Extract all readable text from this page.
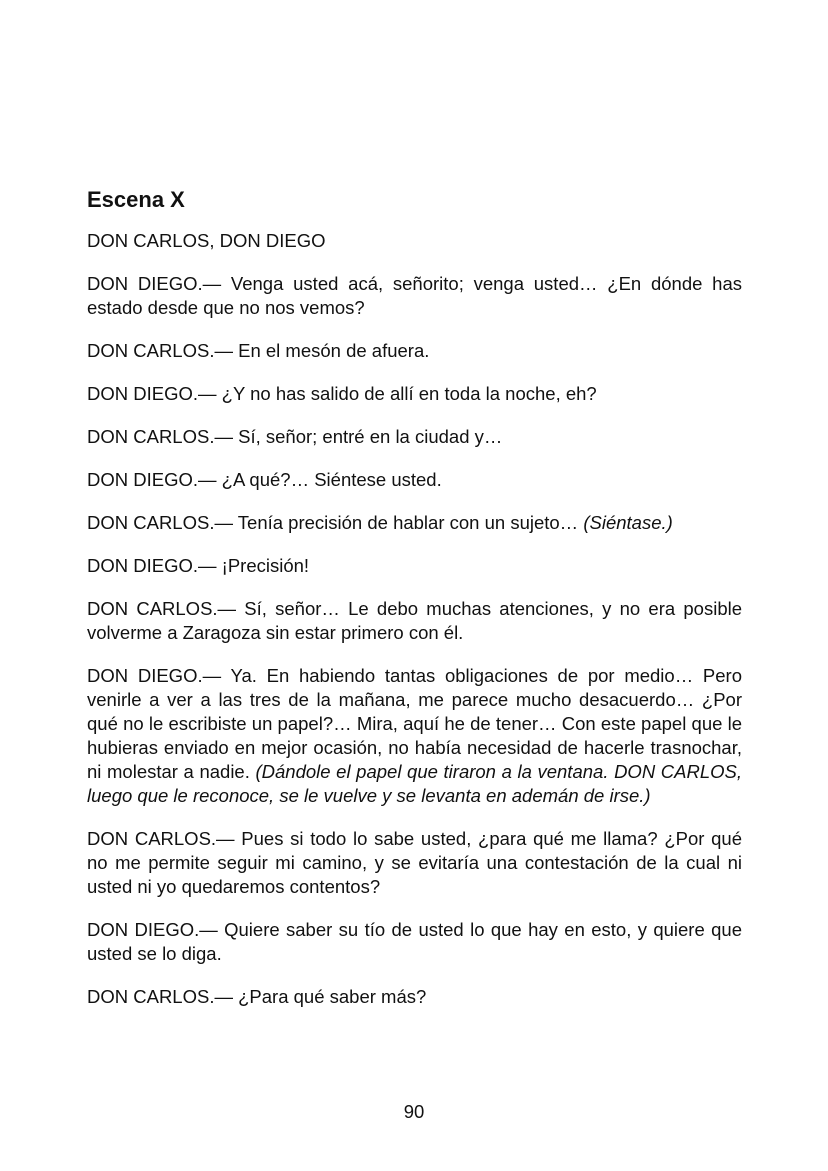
Escena X

DON CARLOS, DON DIEGO

DON DIEGO.— Venga usted acá, señorito; venga usted… ¿En dónde has estado desde que no nos vemos?

DON CARLOS.— En el mesón de afuera.

DON DIEGO.— ¿Y no has salido de allí en toda la noche, eh?

DON CARLOS.— Sí, señor; entré en la ciudad y…

DON DIEGO.— ¿A qué?… Siéntese usted.

DON CARLOS.— Tenía precisión de hablar con un sujeto… (Siéntase.)

DON DIEGO.— ¡Precisión!

DON CARLOS.— Sí, señor… Le debo muchas atenciones, y no era posible volverme a Zaragoza sin estar primero con él.

DON DIEGO.— Ya. En habiendo tantas obligaciones de por medio… Pero venirle a ver a las tres de la mañana, me parece mucho desacuerdo… ¿Por qué no le escribiste un papel?… Mira, aquí he de tener… Con este papel que le hubieras enviado en mejor ocasión, no había necesidad de hacerle trasnochar, ni molestar a nadie. (Dándole el papel que tiraron a la ventana. DON CARLOS, luego que le reconoce, se le vuelve y se levanta en ademán de irse.)

DON CARLOS.— Pues si todo lo sabe usted, ¿para qué me llama? ¿Por qué no me permite seguir mi camino, y se evitaría una contestación de la cual ni usted ni yo quedaremos contentos?

DON DIEGO.— Quiere saber su tío de usted lo que hay en esto, y quiere que usted se lo diga.

DON CARLOS.— ¿Para qué saber más?

90
